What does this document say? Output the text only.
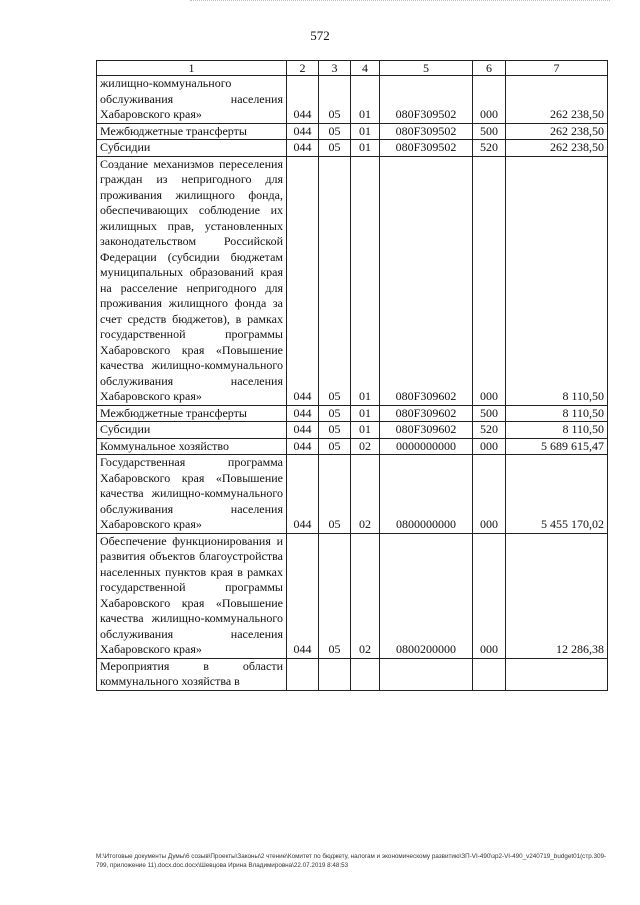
572
1	2	3	4	5	6	7
жилищно-коммунального обслуживания населения Хабаровского края»	044	05	01	080F309502	000	262 238,50
Межбюджетные трансферты	044	05	01	080F309502	500	262 238,50
Субсидии	044	05	01	080F309502	520	262 238,50
Создание механизмов переселения граждан из непригодного для проживания жилищного фонда, обеспечивающих соблюдение их жилищных прав, установленных законодательством Российской Федерации (субсидии бюджетам муниципальных образований края на расселение непригодного для проживания жилищного фонда за счет средств бюджетов), в рамках государственной программы Хабаровского края «Повышение качества жилищно-коммунального обслуживания населения Хабаровского края»	044	05	01	080F309602	000	8 110,50
Межбюджетные трансферты	044	05	01	080F309602	500	8 110,50
Субсидии	044	05	01	080F309602	520	8 110,50
Коммунальное хозяйство	044	05	02	0000000000	000	5 689 615,47
Государственная программа Хабаровского края «Повышение качества жилищно-коммунального обслуживания населения Хабаровского края»	044	05	02	0800000000	000	5 455 170,02
Обеспечение функционирования и развития объектов благоустройства населенных пунктов края в рамках государственной программы Хабаровского края «Повышение качества жилищно-коммунального обслуживания населения Хабаровского края»	044	05	02	0800200000	000	12 286,38
Мероприятия в области коммунального хозяйства в						
М:\Итоговые документы Думы\6 созыв\Проекты\Законы\2 чтение\Комитет по бюджету, налогам и экономическому развитию\ЗП-VI-490\зр2-VI-490_v240719_budget01(стр.309-799, приложение 11).docx.doc.docx\Шевцова Ирина Владимировна\22.07.2019 8:48:53
